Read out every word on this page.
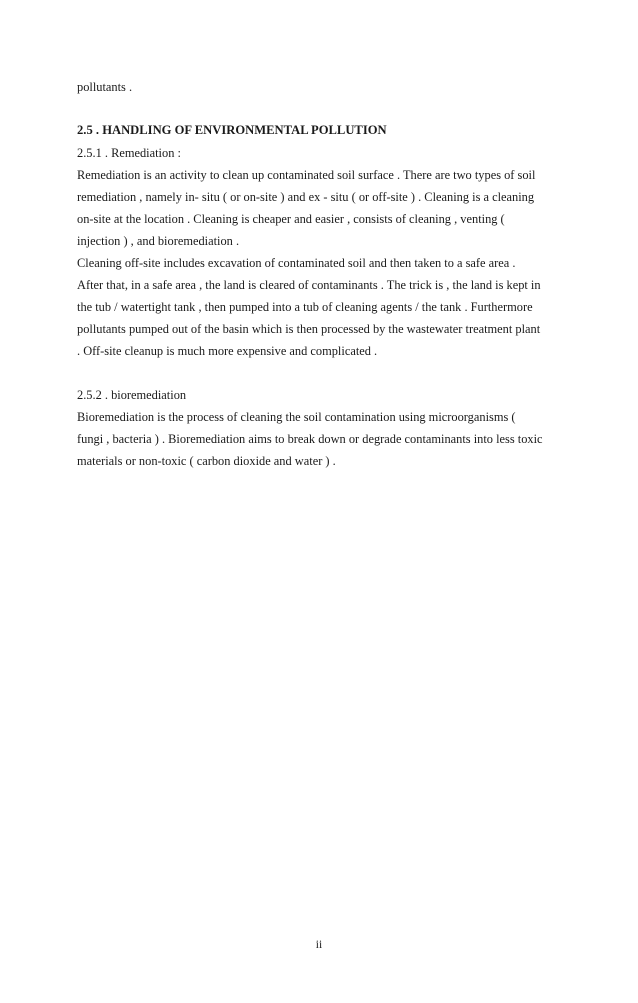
pollutants .
2.5 . HANDLING OF ENVIRONMENTAL POLLUTION
2.5.1 . Remediation :
Remediation is an activity to clean up contaminated soil surface . There are two types of soil
remediation , namely in- situ ( or on-site ) and ex - situ ( or off-site ) . Cleaning is a cleaning
on-site at the location . Cleaning is cheaper and easier , consists of cleaning , venting (
injection ) , and bioremediation .
Cleaning off-site includes excavation of contaminated soil and then taken to a safe area .
After that, in a safe area , the land is cleared of contaminants . The trick is , the land is kept in
the tub / watertight tank , then pumped into a tub of cleaning agents / the tank . Furthermore
pollutants pumped out of the basin which is then processed by the wastewater treatment plant
. Off-site cleanup is much more expensive and complicated .
2.5.2 . bioremediation
Bioremediation is the process of cleaning the soil contamination using microorganisms (
fungi , bacteria ) . Bioremediation aims to break down or degrade contaminants into less toxic
materials or non-toxic ( carbon dioxide and water ) .
ii
